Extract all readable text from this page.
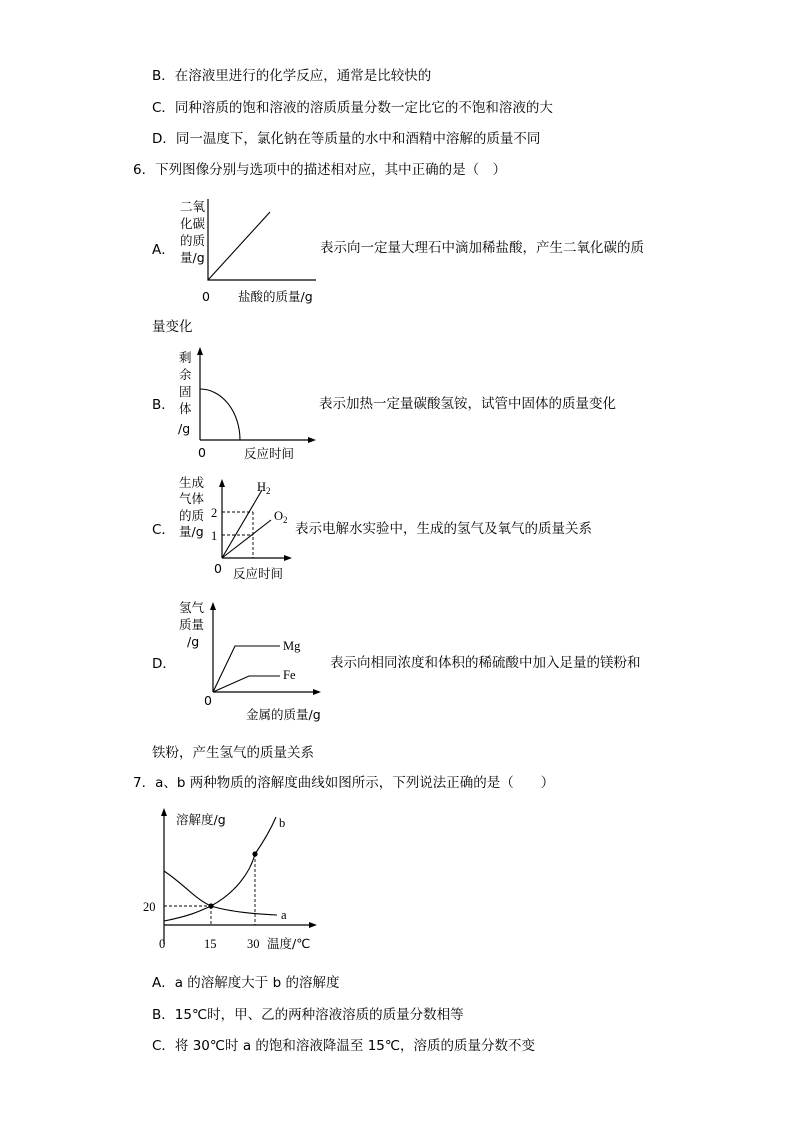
B．在溶液里进行的化学反应，通常是比较快的
C．同种溶质的饱和溶液的溶质质量分数一定比它的不饱和溶液的大
D．同一温度下，氯化钠在等质量的水中和酒精中溶解的质量不同
6．下列图像分别与选项中的描述相对应，其中正确的是（　）
A．
二氧
化碳
的质
量/g
0 盐酸的质量/g
表示向一定量大理石中滴加稀盐酸，产生二氧化碳的质
量变化
B．
剩
余
固
体
/g
0	反应时间
表示加热一定量碳酸氢铵，试管中固体的质量变化
C．
生成
气体
的质
量/g
2
1
$H_2$
$O_2$
0 反应时间
表示电解水实验中，生成的氢气及氧气的质量关系
D．
氢气
质量
/g	Mg
Fe
0
金属的质量/g
表示向相同浓度和体积的稀硫酸中加入足量的镁粉和
铁粉，产生氢气的质量关系
7．a、b 两种物质的溶解度曲线如图所示，下列说法正确的是（　　）
溶解度/g	b
a
20
0	15 30 温度/℃
A．a 的溶解度大于 b 的溶解度
B．15℃时，甲、乙的两种溶液溶质的质量分数相等
C．将 30℃时 a 的饱和溶液降温至 15℃，溶质的质量分数不变
